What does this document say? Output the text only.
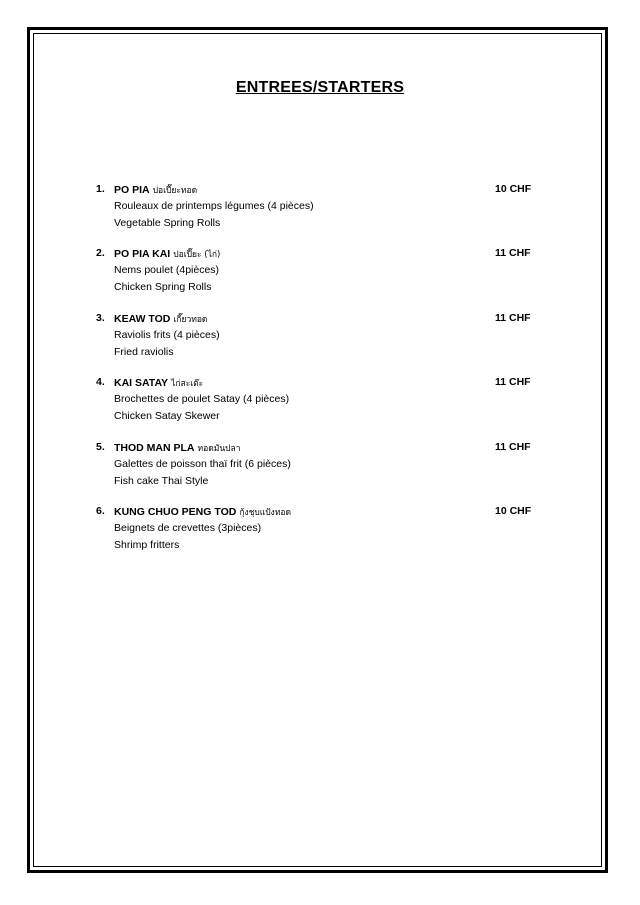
ENTREES/STARTERS
1. PO PIA ปอเปี๊ยะทอด	10 CHF
Rouleaux de printemps légumes (4 pièces)
Vegetable Spring Rolls
2. PO PIA KAI ปอเปี๊ยะ (ไก่)	11 CHF
Nems poulet (4pièces)
Chicken Spring Rolls
3. KEAW TOD เกี๊ยวทอด	11 CHF
Raviolis frits (4 pièces)
Fried raviolis
4. KAI SATAY ไก่สะเต๊ะ	11 CHF
Brochettes de poulet Satay (4 pièces)
Chicken Satay Skewer
5. THOD MAN PLA ทอดมันปลา	11 CHF
Galettes de poisson thaï frit (6 pièces)
Fish cake Thai Style
6. KUNG CHUO PENG TOD กุ้งชุบแป้งทอด	10 CHF
Beignets de crevettes (3pièces)
Shrimp fritters
